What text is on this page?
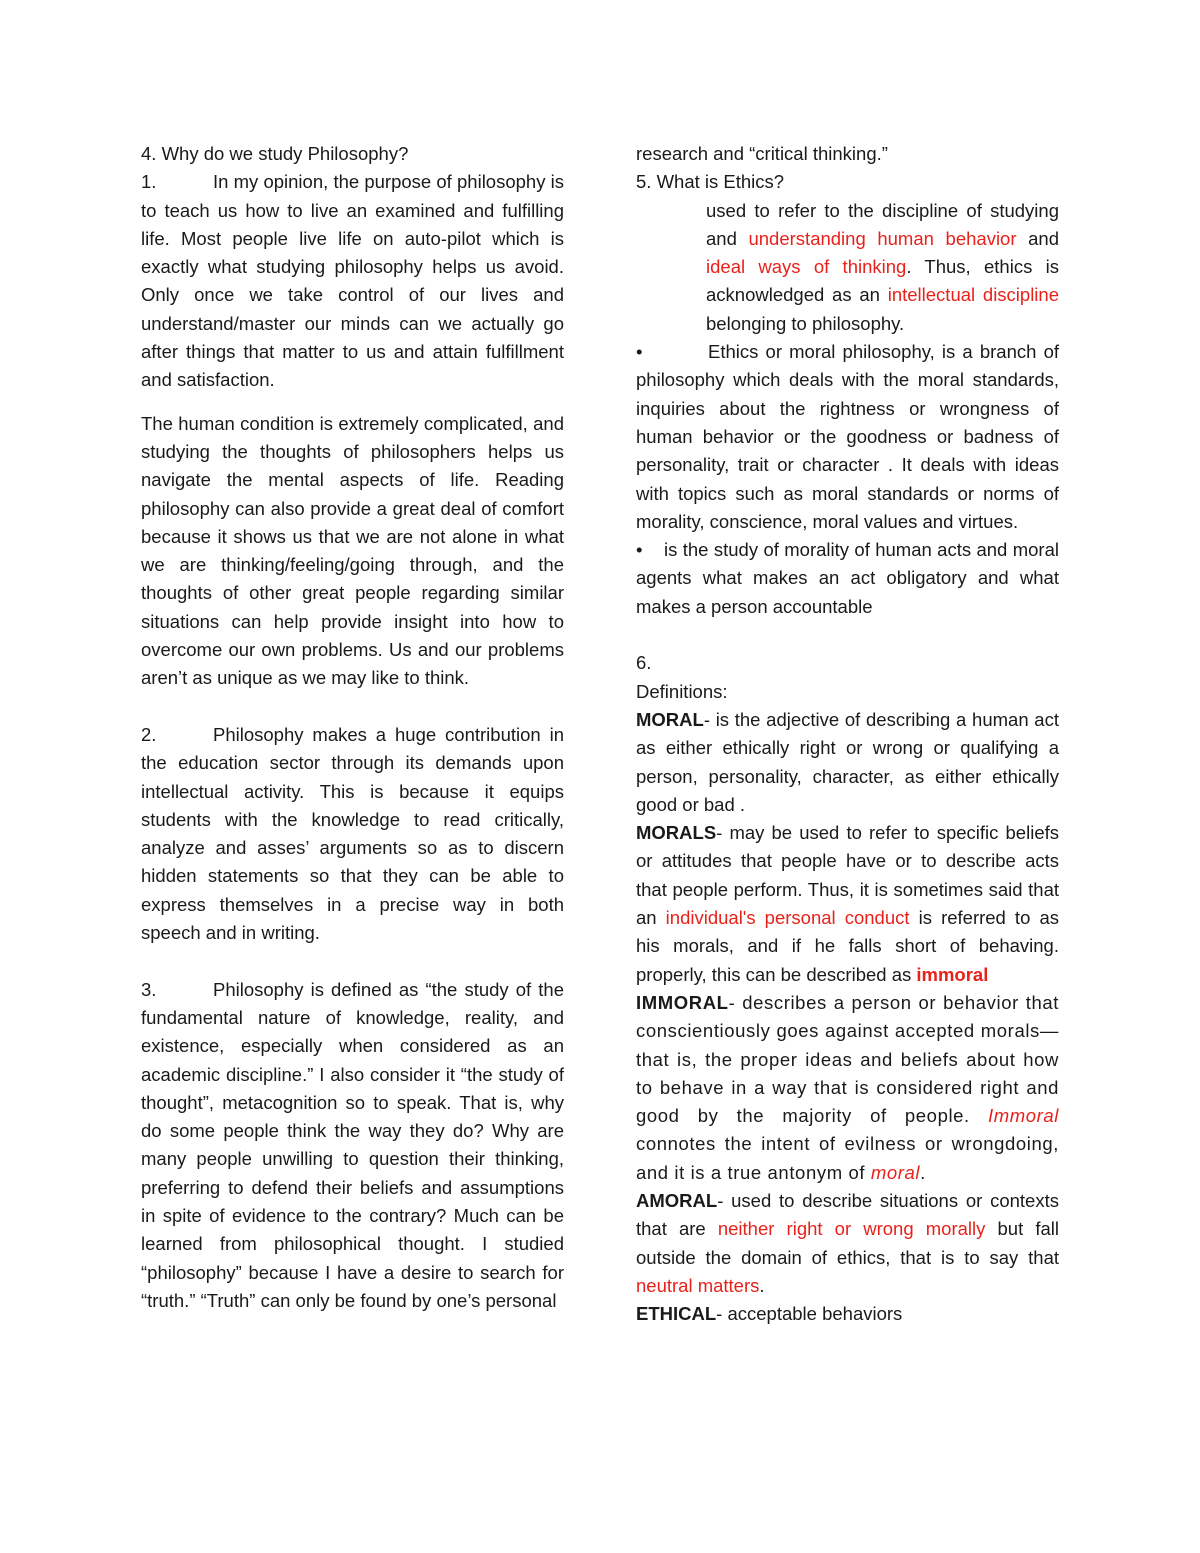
4. Why do we study Philosophy?

1.	In my opinion, the purpose of philosophy is to teach us how to live an examined and fulfilling life. Most people live life on auto-pilot which is exactly what studying philosophy helps us avoid. Only once we take control of our lives and understand/master our minds can we actually go after things that matter to us and attain fulfillment and satisfaction.

The human condition is extremely complicated, and studying the thoughts of philosophers helps us navigate the mental aspects of life. Reading philosophy can also provide a great deal of comfort because it shows us that we are not alone in what we are thinking/feeling/going through, and the thoughts of other great people regarding similar situations can help provide insight into how to overcome our own problems. Us and our problems aren’t as unique as we may like to think.

2.	Philosophy makes a huge contribution in the education sector through its demands upon intellectual activity. This is because it equips students with the knowledge to read critically, analyze and asses’ arguments so as to discern hidden statements so that they can be able to express themselves in a precise way in both speech and in writing.

3.	Philosophy is defined as “the study of the fundamental nature of knowledge, reality, and existence, especially when considered as an academic discipline.” I also consider it “the study of thought”, metacognition so to speak. That is, why do some people think the way they do? Why are many people unwilling to question their thinking, preferring to defend their beliefs and assumptions in spite of evidence to the contrary? Much can be learned from philosophical thought. I studied “philosophy” because I have a desire to search for “truth.” “Truth” can only be found by one’s personal

research and “critical thinking.”

5. What is Ethics?

used to refer to the discipline of studying and understanding human behavior and ideal ways of thinking. Thus, ethics is acknowledged as an intellectual discipline belonging to philosophy.

•	Ethics or moral philosophy, is a branch of philosophy which deals with the moral standards, inquiries about the rightness or wrongness of human behavior or the goodness or badness of personality, trait or character . It deals with ideas with topics such as moral standards or norms of morality, conscience, moral values and virtues.

• is the study of morality of human acts and moral agents what makes an act obligatory and what makes a person accountable

6.

Definitions:

MORAL- is the adjective of describing a human act as either ethically right or wrong or qualifying a person, personality, character, as either ethically good or bad .

MORALS- may be used to refer to specific beliefs or attitudes that people have or to describe acts that people perform. Thus, it is sometimes said that an individual's personal conduct is referred to as his morals, and if he falls short of behaving. properly, this can be described as immoral

IMMORAL- describes a person or behavior that conscientiously goes against accepted morals—that is, the proper ideas and beliefs about how to behave in a way that is considered right and good by the majority of people. Immoral connotes the intent of evilness or wrongdoing, and it is a true antonym of moral.

AMORAL- used to describe situations or contexts that are neither right or wrong morally but fall outside the domain of ethics, that is to say that neutral matters.

ETHICAL- acceptable behaviors
